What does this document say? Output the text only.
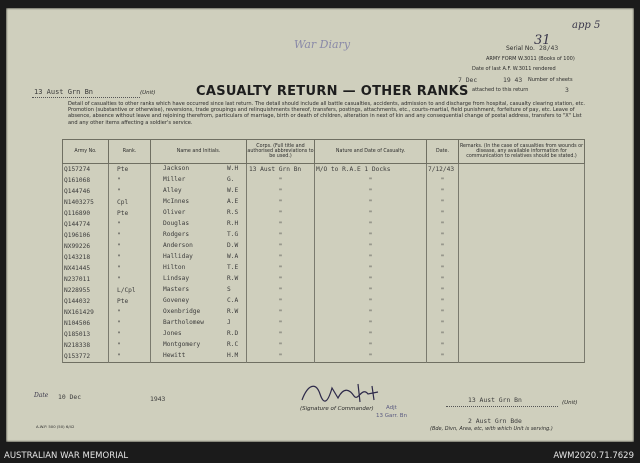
War Diary
app 5
Serial No.
31
28/43
ARMY FORM W.3011 (Books of 100)
Date of last A.F. W.3011 rendered
7 Dec	19 43 Number of sheets
attached to this return	3
13 Aust Grn Bn	(Unit)	CASUALTY RETURN — OTHER RANKS
Detail of casualties to other ranks which have occurred since last return. The detail should include all battle casualties, accidents, admission to and discharge from hospital, casualty clearing station, etc. Promotion (substantive or otherwise), reversions, trade groupings and relinquishments thereof, transfers, postings, attachments, etc., courts-martial, field punishment, forfeiture of pay, etc. Leave of absence, absence without leave and rejoining therefrom, particulars of marriage, birth or death of children, alteration in next of kin and any consequential change of postal address, transfers to "X" List and any other items affecting a soldier's service.
Army No.	Rank.	Name and Initials.	Corps. (Full title and authorised abbreviations to be used.)	Nature and Date of Casualty.	Date.	Remarks. (In the case of casualties from wounds or disease, any available information for communication to relatives should be stated.)
Q157274	Pte	Jackson W.H	13 Aust Grn Bn	M/O to R.A.E 1 Docks	7/12/43	
Q161068	"	Miller G.	"	"	"	
Q144746	"	Alley W.E	"	"	"	
N1403275	Cpl	McInnes A.E	"	"	"	
Q116890	Pte	Oliver R.S	"	"	"	
Q144774	"	Douglas R.H	"	"	"	
Q196106	"	Rodgers T.G	"	"	"	
NX99226	"	Anderson D.W	"	"	"	
Q143218	"	Halliday W.A	"	"	"	
NX41445	"	Hilton T.E	"	"	"	
N237011	"	Lindsay R.W	"	"	"	
N228955	L/Cpl	Masters S	"	"	"	
Q144032	Pte	Goveney C.A	"	"	"	
NX161429	"	Oxenbridge R.W	"	"	"	
N104506	"	Bartholomew J	"	"	"	
Q185013	"	Jones R.D	"	"	"	
N218338	"	Montgomery R.C	"	"	"	
Q153772	"	Hewitt H.M	"	"	"	
Date 10 Dec	1943
(Signature of Commander) Adjt
13 Garr. Bn
13 Aust Grn Bn	(Unit)
2 Aust Grn Bde
(Bde, Divn, Area, etc, with which Unit is serving.)
A.W.P. 500 (50) 6/42
AUSTRALIAN WAR MEMORIAL	AWM2020.71.7629
